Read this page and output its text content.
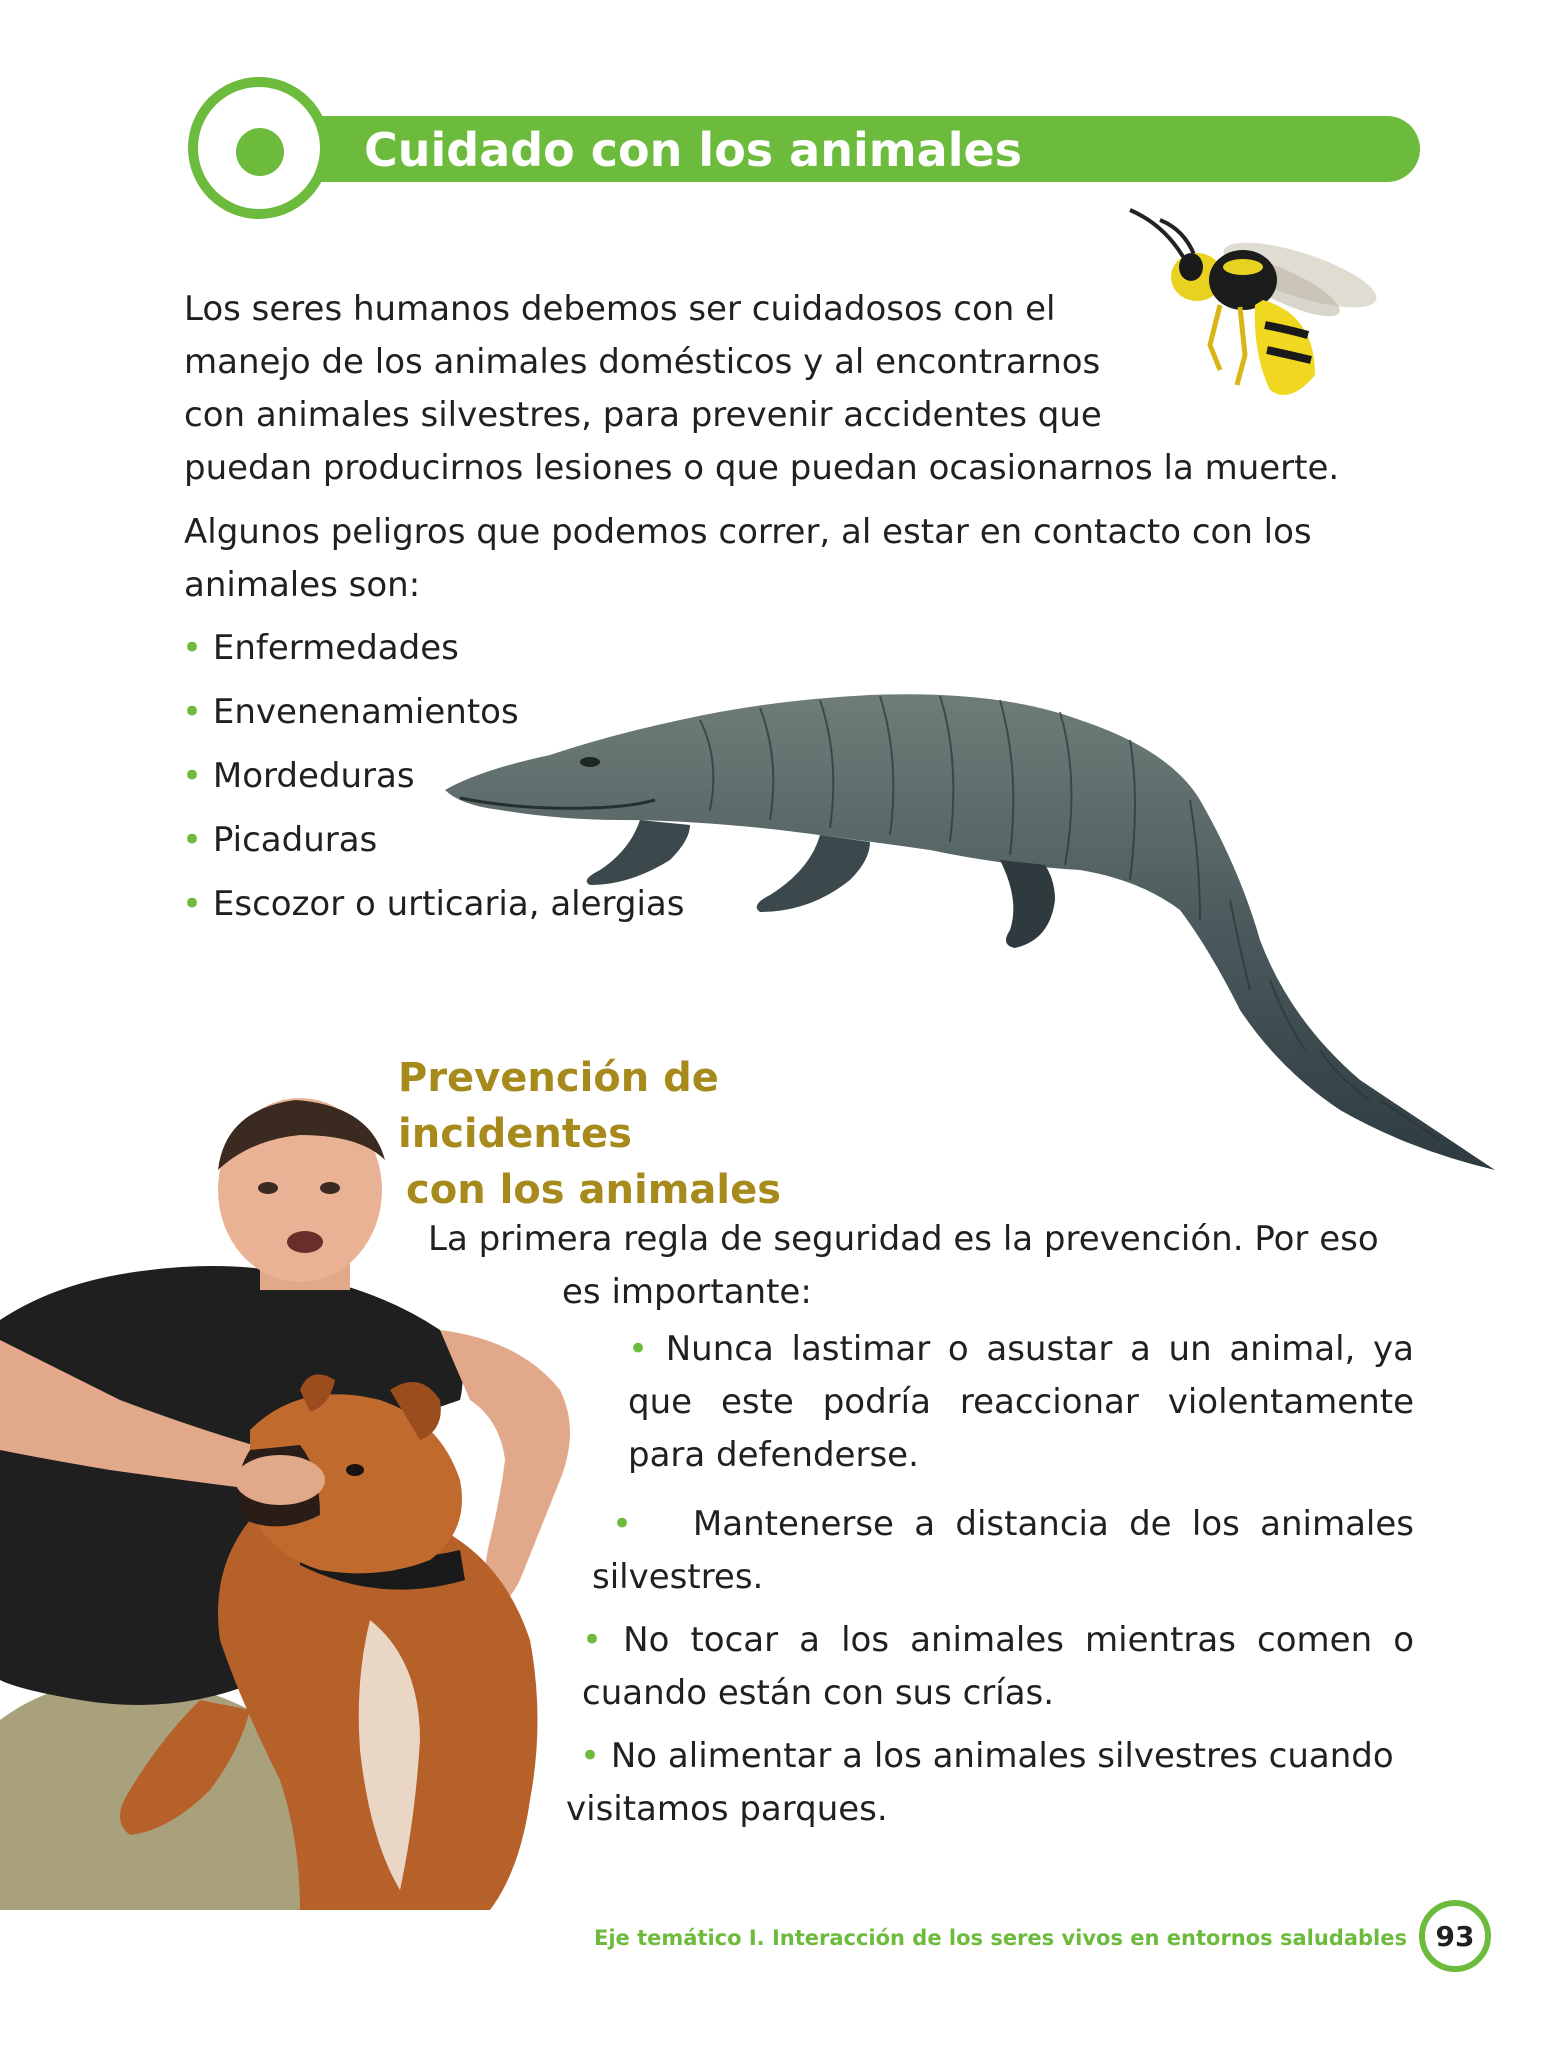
Cuidado con los animales
Los seres humanos debemos ser cuidadosos con el
manejo de los animales domésticos y al encontrarnos
con animales silvestres, para prevenir accidentes que
puedan producirnos lesiones o que puedan ocasionarnos la muerte.
Algunos peligros que podemos correr, al estar en contacto con los
animales son:
• Enfermedades
• Envenenamientos
• Mordeduras
• Picaduras
• Escozor o urticaria, alergias
Prevención de incidentes
con los animales
La primera regla de seguridad es la prevención. Por eso
es importante:
• Nunca lastimar o asustar a un animal, ya que este podría reaccionar violentamente para defenderse.
• Mantenerse a distancia de los animales silvestres.
• No tocar a los animales mientras comen o cuando están con sus crías.
• No alimentar a los animales silvestres cuando visitamos parques.
Eje temático I. Interacción de los seres vivos en entornos saludables	93
